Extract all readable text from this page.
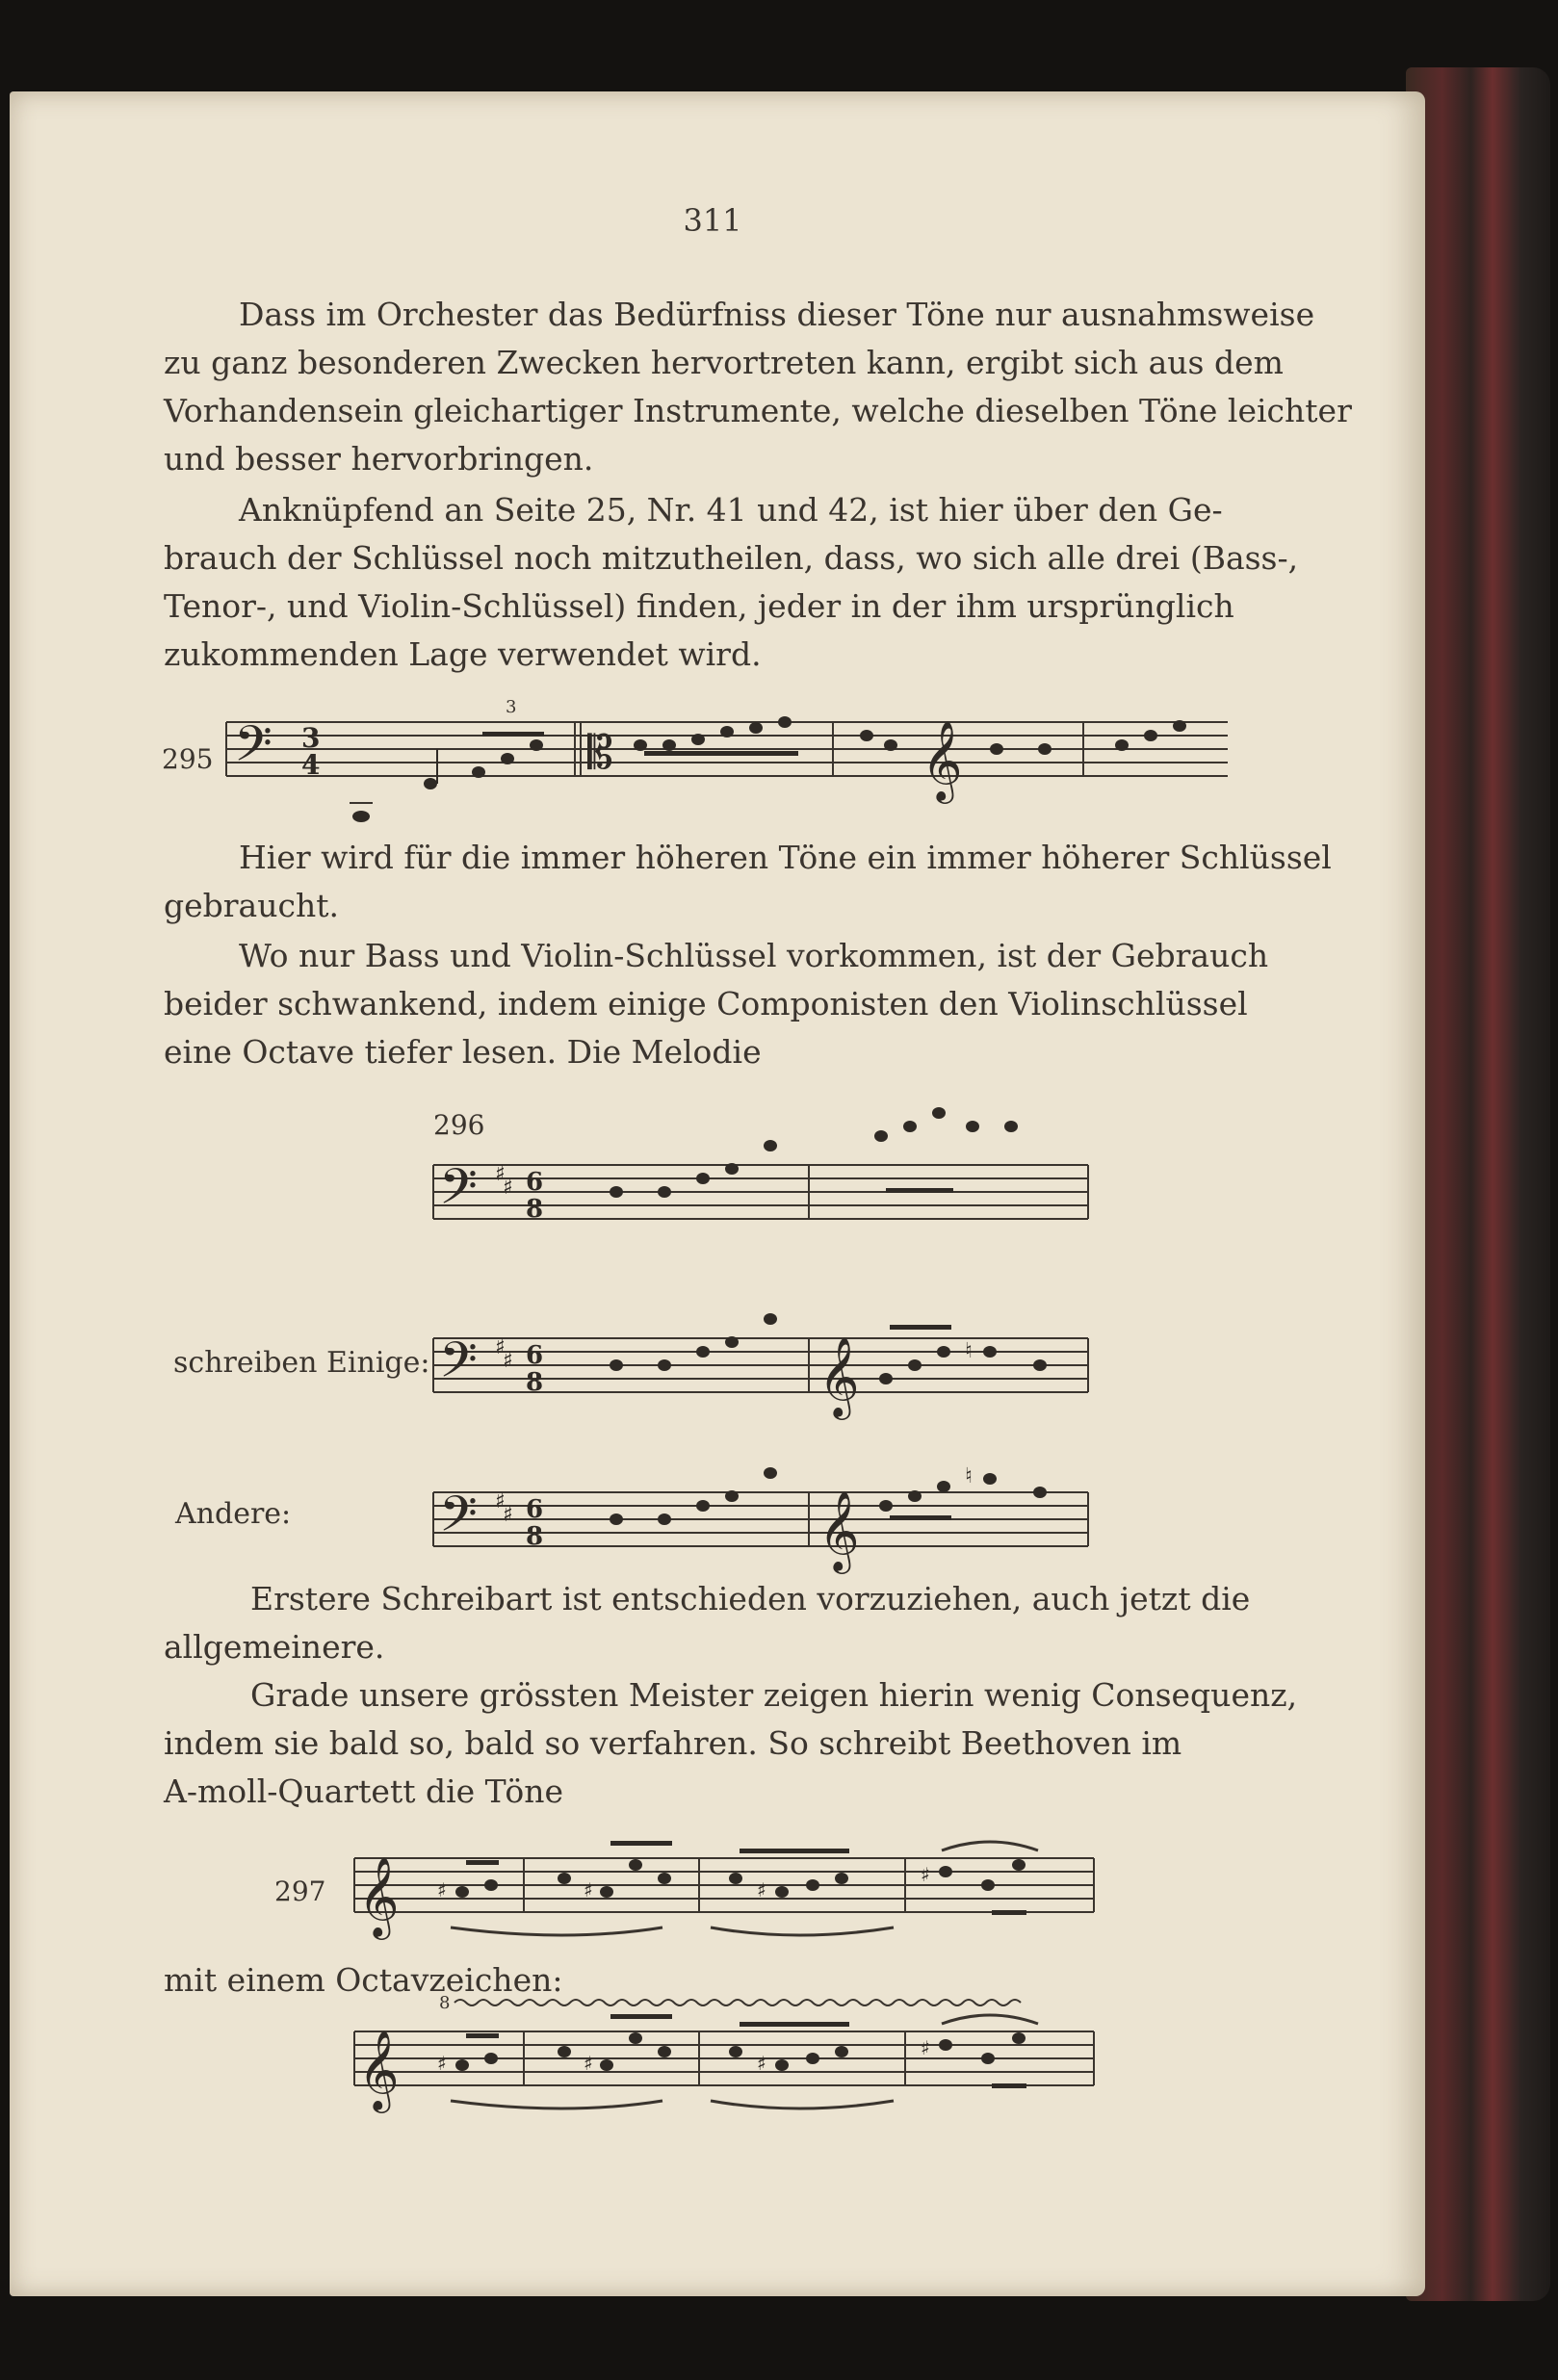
311

Dass im Orchester das Bedürfniss dieser Töne nur ausnahmsweise
zu ganz besonderen Zwecken hervortreten kann, ergibt sich aus dem
Vorhandensein gleichartiger Instrumente, welche dieselben Töne leichter
und besser hervorbringen.

Anknüpfend an Seite 25, Nr. 41 und 42, ist hier über den Ge-
brauch der Schlüssel noch mitzutheilen, dass, wo sich alle drei (Bass-,
Tenor-, und Violin-Schlüssel) finden, jeder in der ihm ursprünglich
zukommenden Lage verwendet wird.

295 𝄢 3
4
3
𝄡	𝄞

Hier wird für die immer höheren Töne ein immer höherer Schlüssel
gebraucht.

Wo nur Bass und Violin-Schlüssel vorkommen, ist der Gebrauch
beider schwankend, indem einige Componisten den Violinschlüssel
eine Octave tiefer lesen. Die Melodie

296
𝄢 ♯
♯ 6
8
schreiben Einige: 𝄢 ♯
♯ 6
8	𝄞	♮
Andere: 𝄢 ♯
♯ 6
8	𝄞
♮

Erstere Schreibart ist entschieden vorzuziehen, auch jetzt die
allgemeinere.

Grade unsere grössten Meister zeigen hierin wenig Consequenz,
indem sie bald so, bald so verfahren. So schreibt Beethoven im
A-moll-Quartett die Töne

297 𝄞 ♯	♯	♯
♯

mit einem Octavzeichen:

8
𝄞 ♯	♯	♯
♯
